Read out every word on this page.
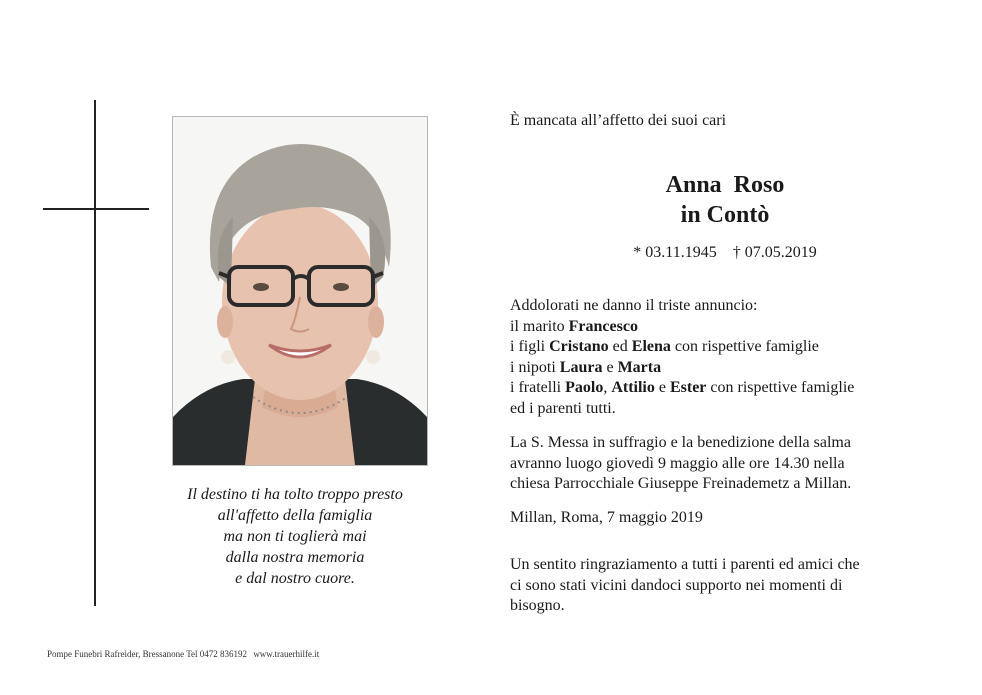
Il destino ti ha tolto troppo presto
all'affetto della famiglia
ma non ti toglierà mai
dalla nostra memoria
e dal nostro cuore.
Pompe Funebri Rafreider, Bressanone Tel 0472 836192 www.trauerhilfe.it
È mancata all’affetto dei suoi cari
Anna  Roso
in Contò
* 03.11.1945 † 07.05.2019
Addolorati ne danno il triste annuncio:
il marito Francesco
i figli Cristano ed Elena con rispettive famiglie
i nipoti Laura e Marta
i fratelli Paolo, Attilio e Ester con rispettive famiglie
ed i parenti tutti.
La S. Messa in suffragio e la benedizione della salma
avranno luogo giovedì 9 maggio alle ore 14.30 nella
chiesa Parrocchiale Giuseppe Freinademetz a Millan.
Millan, Roma, 7 maggio 2019
Un sentito ringraziamento a tutti i parenti ed amici che
ci sono stati vicini dandoci supporto nei momenti di
bisogno.
